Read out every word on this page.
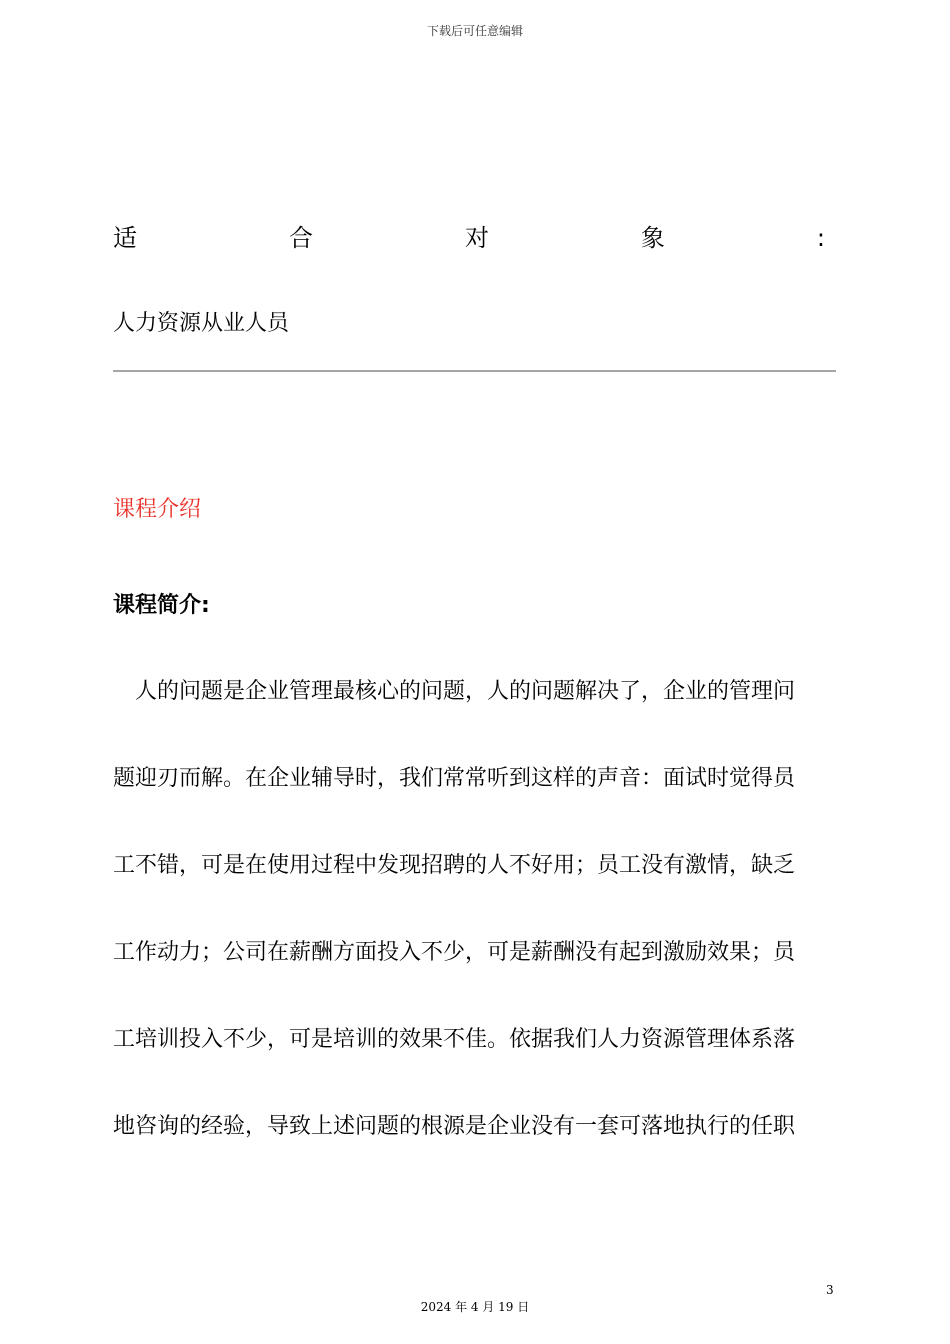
下载后可任意编辑
适	合	对	象	:
人力资源从业人员
课程介绍
课程简介:
　人的问题是企业管理最核心的问题，人的问题解决了，企业的管理问
题迎刃而解。在企业辅导时，我们常常听到这样的声音：面试时觉得员
工不错，可是在使用过程中发现招聘的人不好用；员工没有激情，缺乏
工作动力；公司在薪酬方面投入不少，可是薪酬没有起到激励效果；员
工培训投入不少，可是培训的效果不佳。依据我们人力资源管理体系落
地咨询的经验，导致上述问题的根源是企业没有一套可落地执行的任职
3
2024 年 4 月 19 日
